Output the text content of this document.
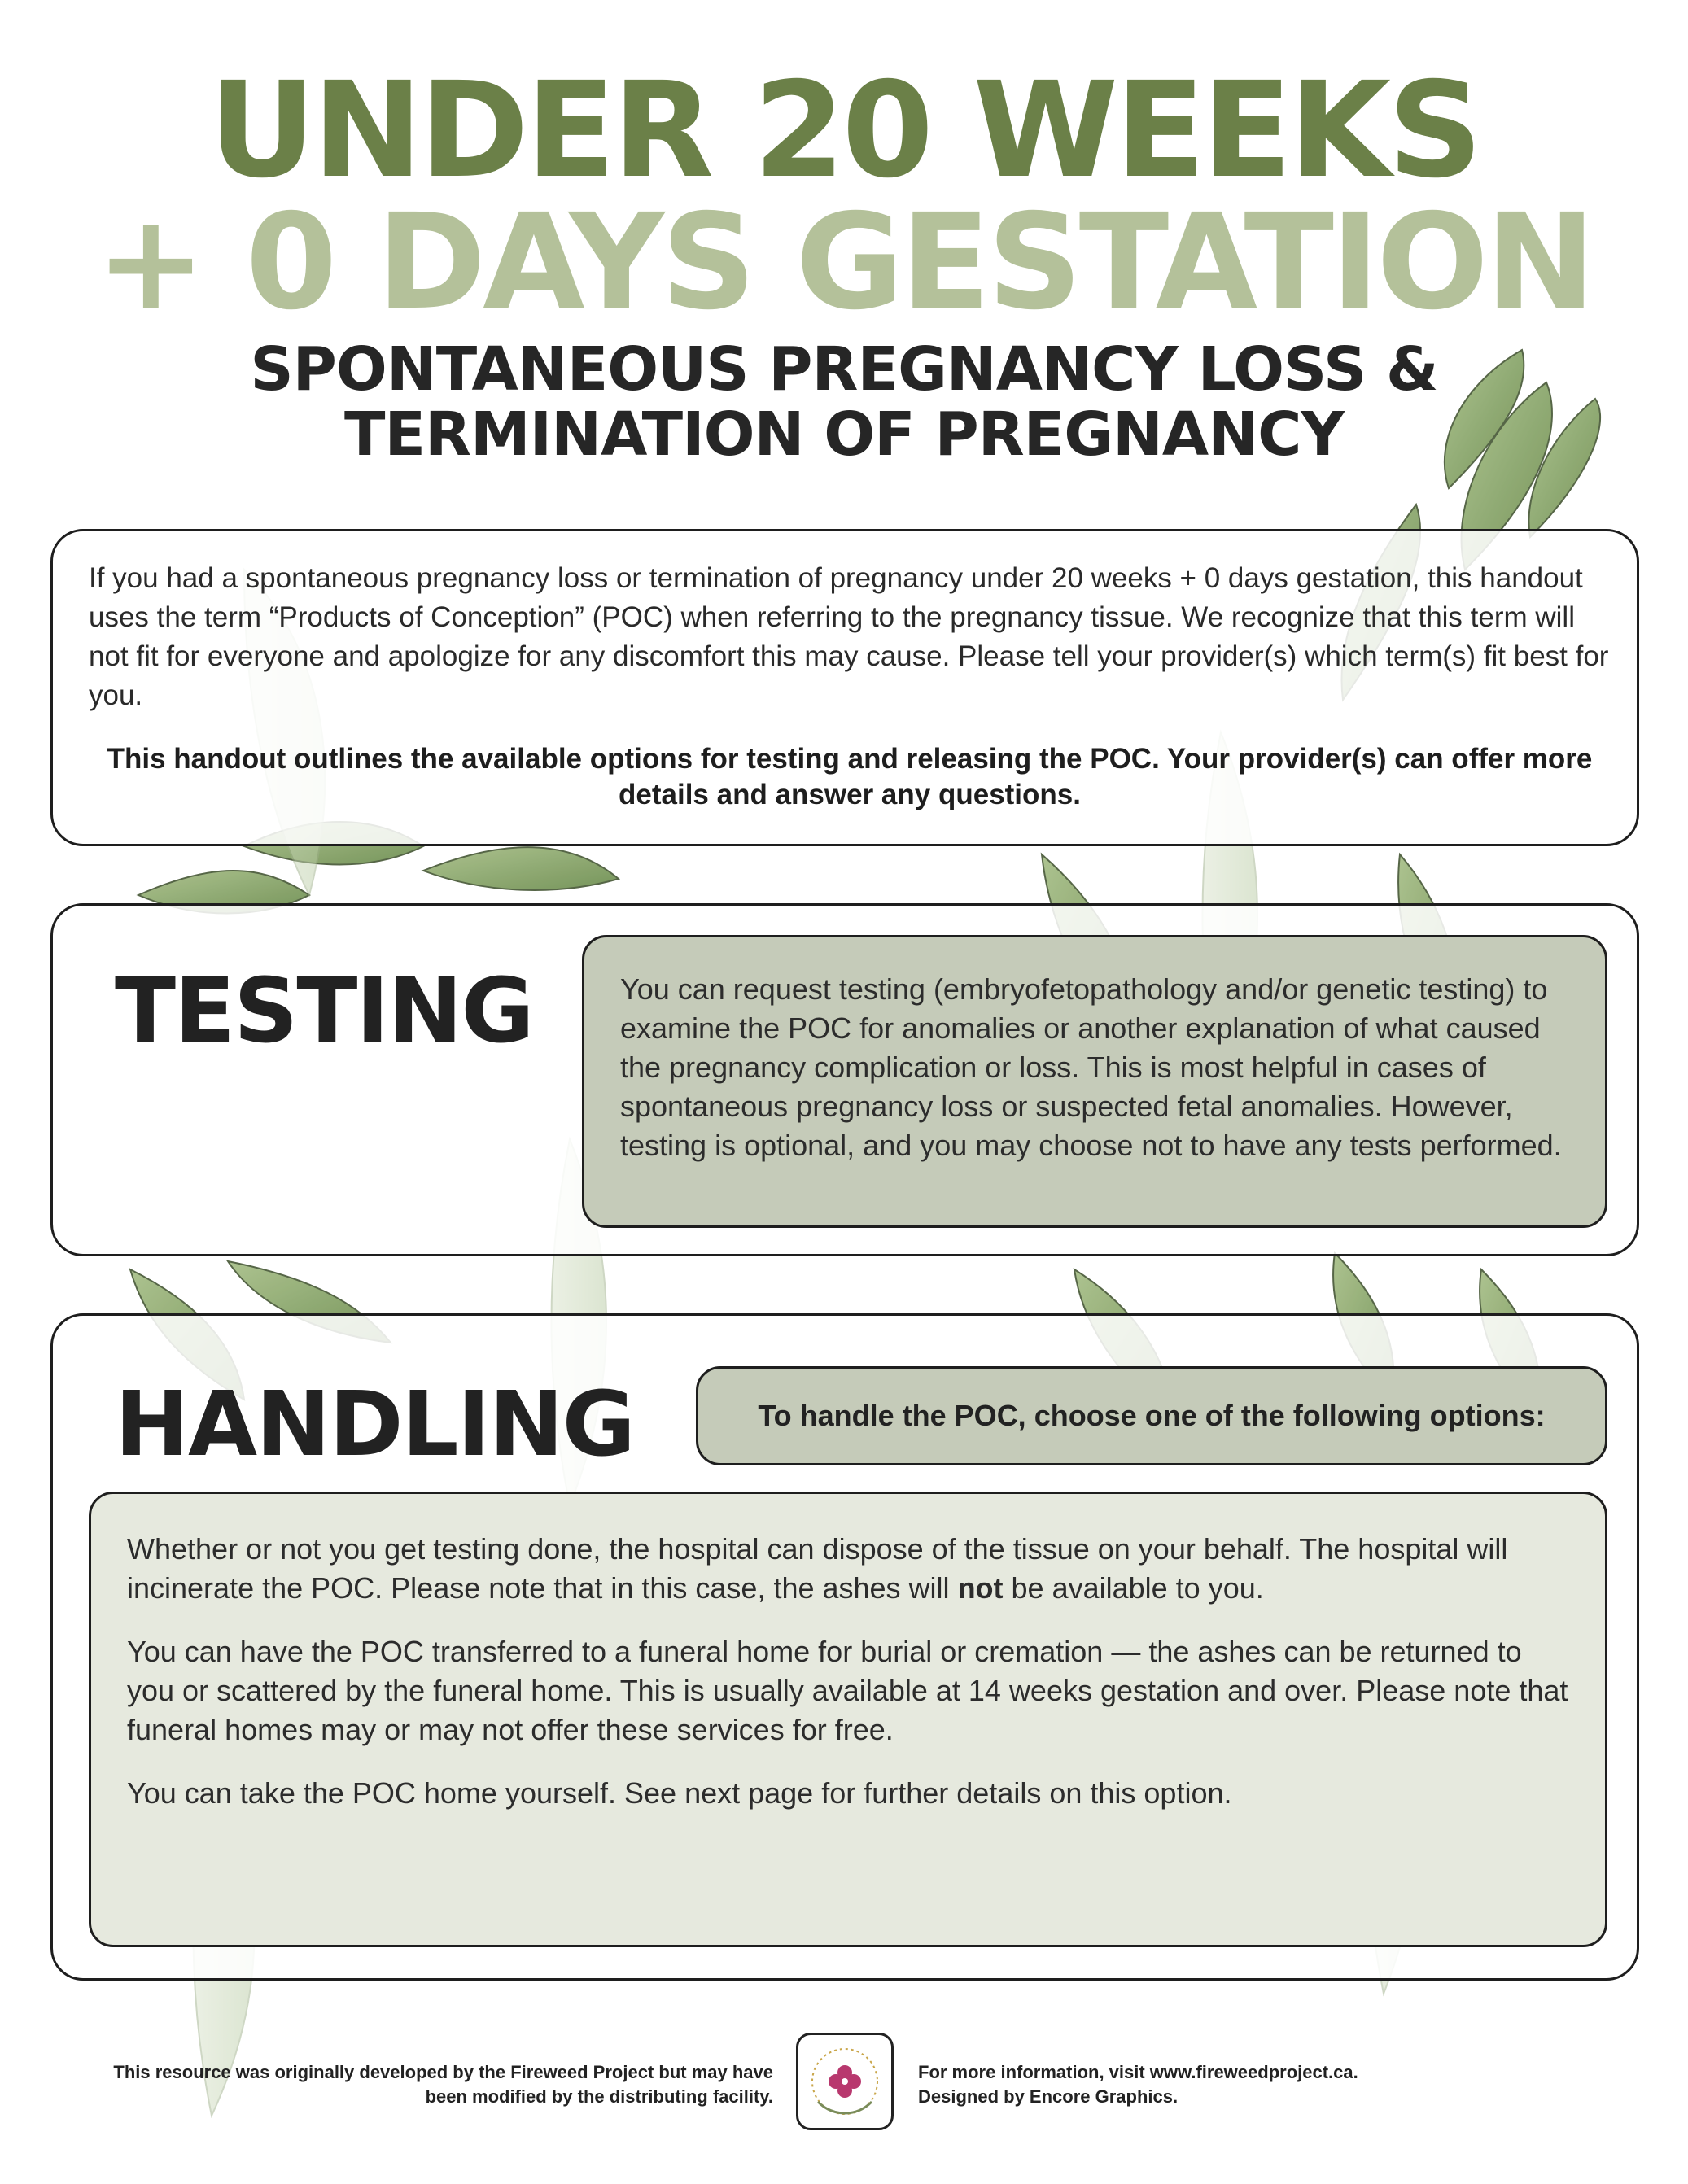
UNDER 20 WEEKS
+ 0 DAYS GESTATION
SPONTANEOUS PREGNANCY LOSS &
TERMINATION OF PREGNANCY

If you had a spontaneous pregnancy loss or termination of pregnancy under 20 weeks + 0 days gestation, this handout uses the term “Products of Conception” (POC) when referring to the pregnancy tissue. We recognize that this term will not fit for everyone and apologize for any discomfort this may cause. Please tell your provider(s) which term(s) fit best for you.

This handout outlines the available options for testing and releasing the POC. Your provider(s) can offer more details and answer any questions.

TESTING	You can request testing (embryofetopathology and/or genetic testing) to examine the POC for anomalies or another explanation of what caused the pregnancy complication or loss. This is most helpful in cases of spontaneous pregnancy loss or suspected fetal anomalies. However, testing is optional, and you may choose not to have any tests performed.

HANDLING	To handle the POC, choose one of the following options:

Whether or not you get testing done, the hospital can dispose of the tissue on your behalf. The hospital will incinerate the POC. Please note that in this case, the ashes will not be available to you.

You can have the POC transferred to a funeral home for burial or cremation — the ashes can be returned to you or scattered by the funeral home. This is usually available at 14 weeks gestation and over. Please note that funeral homes may or may not offer these services for free.

You can take the POC home yourself. See next page for further details on this option.

This resource was originally developed by the Fireweed Project but may have been modified by the distributing facility.
For more information, visit www.fireweedproject.ca.
Designed by Encore Graphics.
